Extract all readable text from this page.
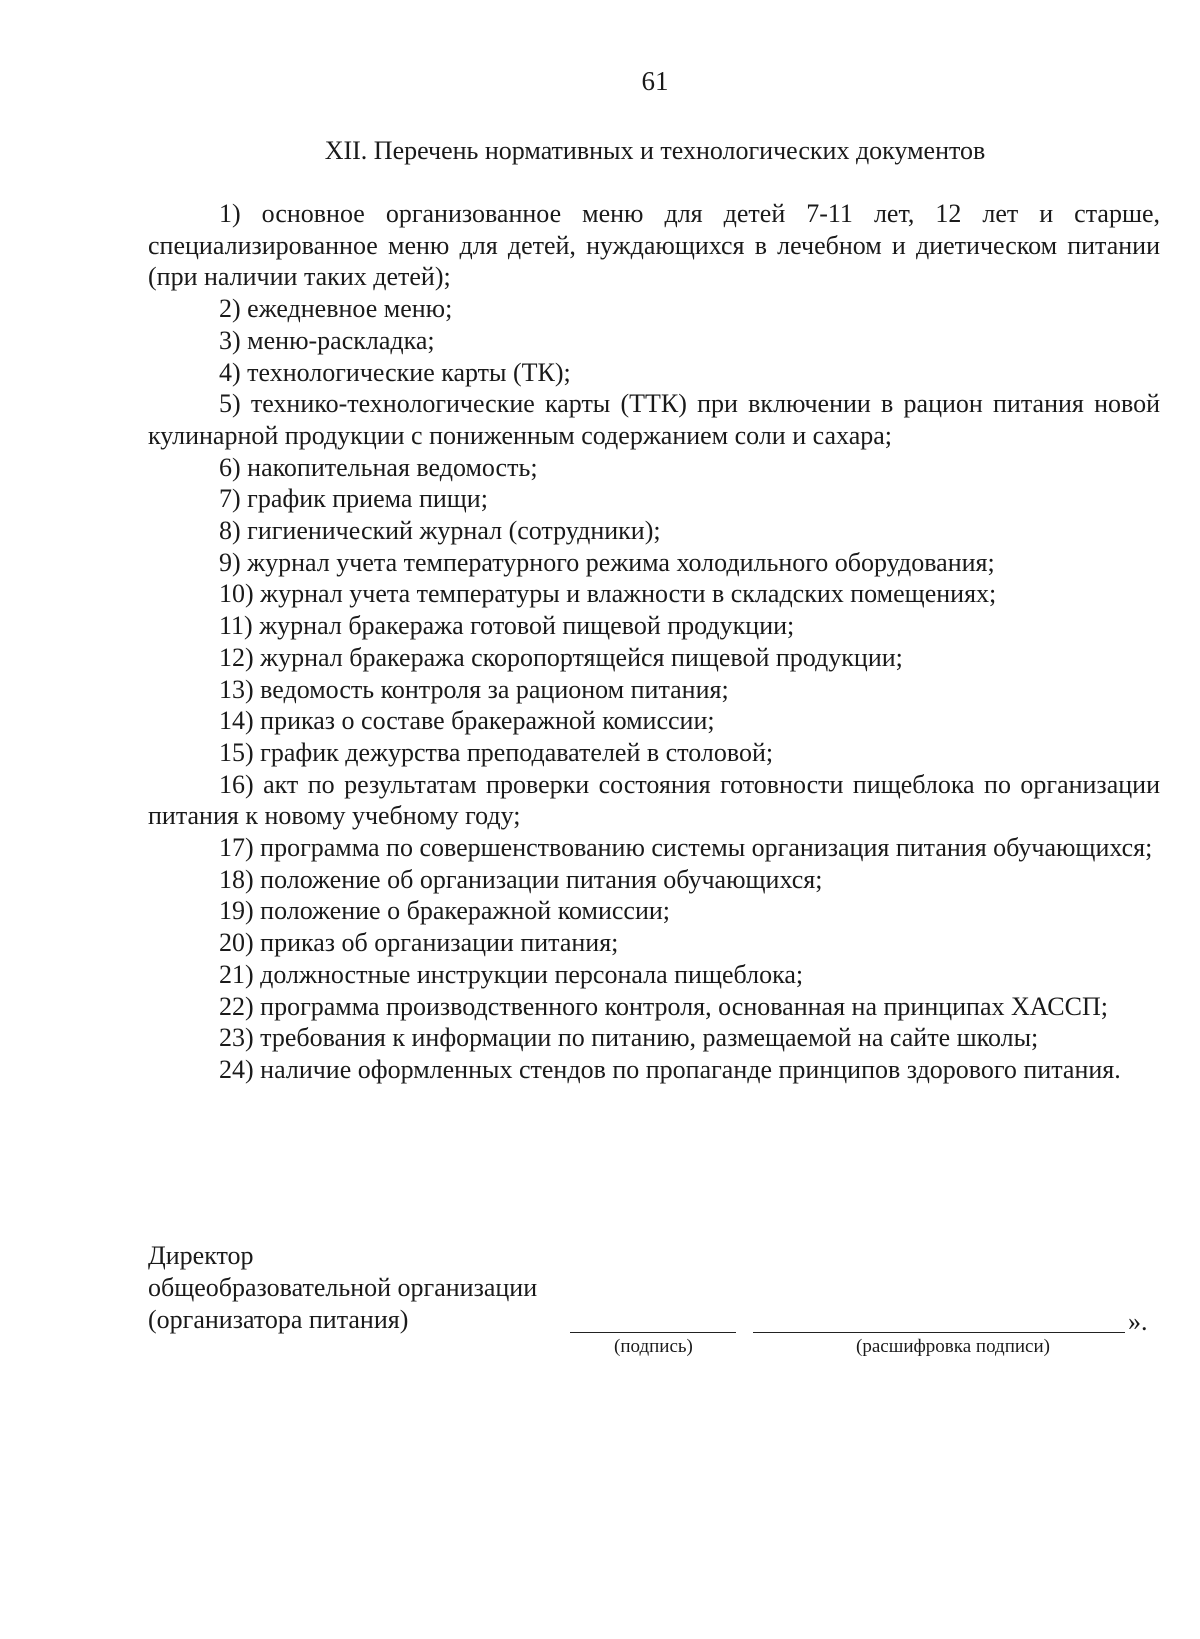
61
XII. Перечень нормативных и технологических документов

1) основное организованное меню для детей 7-11 лет, 12 лет и старше, специализированное меню для детей, нуждающихся в лечебном и диетическом питании (при наличии таких детей);

2) ежедневное меню;

3) меню-раскладка;

4) технологические карты (ТК);

5) технико-технологические карты (ТТК) при включении в рацион питания новой кулинарной продукции с пониженным содержанием соли и сахара;

6) накопительная ведомость;

7) график приема пищи;

8) гигиенический журнал (сотрудники);

9) журнал учета температурного режима холодильного оборудования;

10) журнал учета температуры и влажности в складских помещениях;

11) журнал бракеража готовой пищевой продукции;

12) журнал бракеража скоропортящейся пищевой продукции;

13) ведомость контроля за рационом питания;

14) приказ о составе бракеражной комиссии;

15) график дежурства преподавателей в столовой;

16) акт по результатам проверки состояния готовности пищеблока по организации питания к новому учебному году;

17) программа по совершенствованию системы организация питания обучающихся;

18) положение об организации питания обучающихся;

19) положение о бракеражной комиссии;

20) приказ об организации питания;

21) должностные инструкции персонала пищеблока;

22) программа производственного контроля, основанная на принципах ХАССП;

23) требования к информации по питанию, размещаемой на сайте школы;

24) наличие оформленных стендов по пропаганде принципов здорового питания.

Директор
общеобразовательной организации
(организатора питания)	».
(подпись)	(расшифровка подписи)
